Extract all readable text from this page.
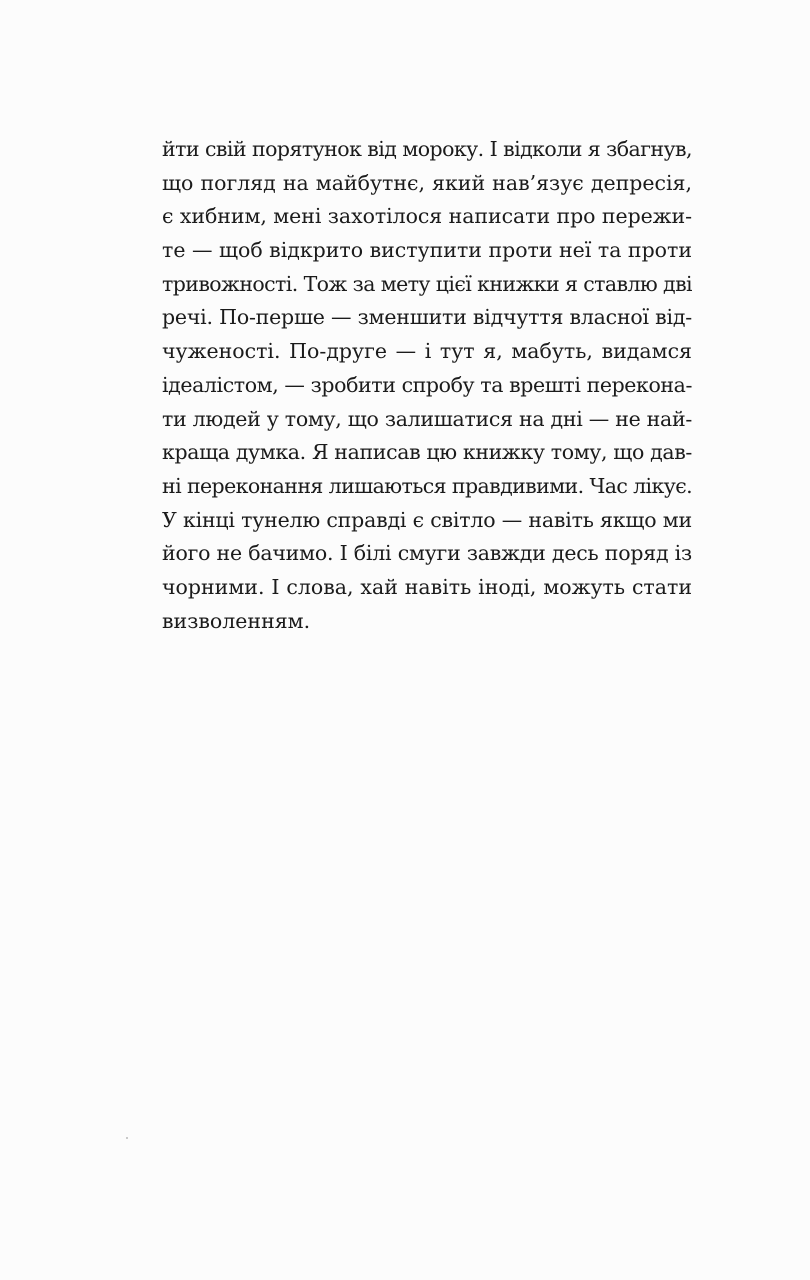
йти свій порятунок від мороку. І відколи я збагнув,
що погляд на майбутнє, який нав’язує депресія,
є хибним, мені захотілося написати про пережи-
те — щоб відкрито виступити проти неї та проти
тривожності. Тож за мету цієї книжки я ставлю дві
речі. По-перше — зменшити відчуття власної від-
чуженості. По-друге — і тут я, мабуть, видамся
ідеалістом, — зробити спробу та врешті переконa-
ти людей у тому, що залишатися на дні — не най-
краща думка. Я написав цю книжку тому, що дав-
ні переконання лишаються правдивими. Час лікує.
У кінці тунелю справді є світло — навіть якщо ми
його не бачимо. І білі смуги завжди десь поряд із
чорними. І слова, хай навіть іноді, можуть стати
визволенням.
